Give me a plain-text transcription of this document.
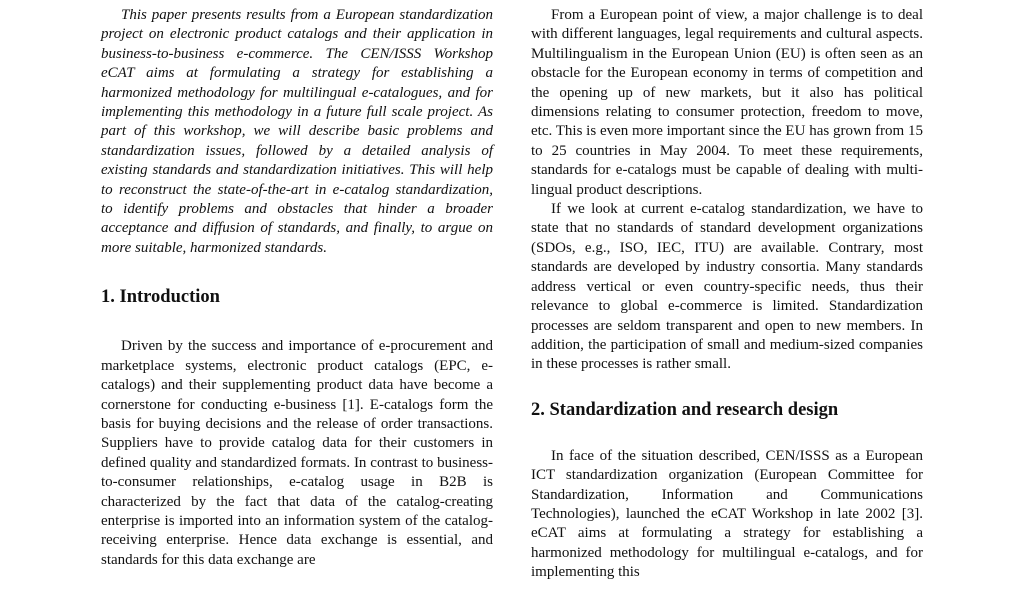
This paper presents results from a European standardization project on electronic product catalogs and their application in business-to-business e-commerce. The CEN/ISSS Workshop eCAT aims at formulating a strategy for establishing a harmonized methodology for multilingual e-catalogues, and for implementing this methodology in a future full scale project. As part of this workshop, we will describe basic problems and standardization issues, followed by a detailed analysis of existing standards and standardization initiatives. This will help to reconstruct the state-of-the-art in e-catalog standardization, to identify problems and obstacles that hinder a broader acceptance and diffusion of standards, and finally, to argue on more suitable, harmonized standards.

1. Introduction

Driven by the success and importance of e-procurement and marketplace systems, electronic product catalogs (EPC, e-catalogs) and their supplementing product data have become a cornerstone for conducting e-business [1]. E-catalogs form the basis for buying decisions and the release of order transactions. Suppliers have to provide catalog data for their customers in defined quality and standardized formats. In contrast to business-to-consumer relationships, e-catalog usage in B2B is characterized by the fact that data of the catalog-creating enterprise is imported into an information system of the catalog-receiving enterprise. Hence data exchange is essential, and standards for this data exchange are

From a European point of view, a major challenge is to deal with different languages, legal requirements and cultural aspects. Multilingualism in the European Union (EU) is often seen as an obstacle for the European economy in terms of competition and the opening up of new markets, but it also has political dimensions relating to consumer protection, freedom to move, etc. This is even more important since the EU has grown from 15 to 25 countries in May 2004. To meet these requirements, standards for e-catalogs must be capable of dealing with multi-lingual product descriptions.

If we look at current e-catalog standardization, we have to state that no standards of standard development organizations (SDOs, e.g., ISO, IEC, ITU) are available. Contrary, most standards are developed by industry consortia. Many standards address vertical or even country-specific needs, thus their relevance to global e-commerce is limited. Standardization processes are seldom transparent and open to new members. In addition, the participation of small and medium-sized companies in these processes is rather small.

2. Standardization and research design

In face of the situation described, CEN/ISSS as a European ICT standardization organization (European Committee for Standardization, Information and Communications Technologies), launched the eCAT Workshop in late 2002 [3]. eCAT aims at formulating a strategy for establishing a harmonized methodology for multilingual e-catalogs, and for implementing this
